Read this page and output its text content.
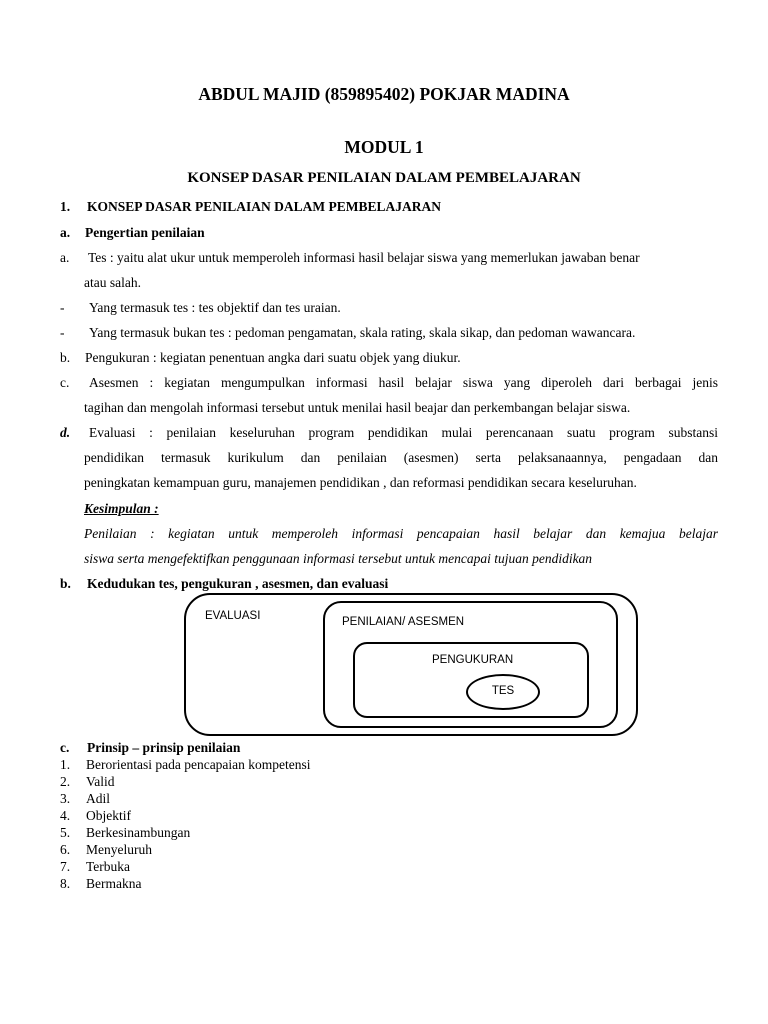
ABDUL MAJID (859895402) POKJAR MADINA
MODUL 1
KONSEP DASAR PENILAIAN DALAM PEMBELAJARAN
1. KONSEP DASAR PENILAIAN DALAM PEMBELAJARAN
a. Pengertian penilaian
a. Tes : yaitu alat ukur untuk memperoleh informasi hasil belajar siswa yang memerlukan jawaban benar
atau salah.
- Yang termasuk tes : tes objektif dan tes uraian.
- Yang termasuk bukan tes : pedoman pengamatan, skala rating, skala sikap, dan pedoman wawancara.
b. Pengukuran : kegiatan penentuan angka dari suatu objek yang diukur.
c. Asesmen : kegiatan mengumpulkan informasi hasil belajar siswa yang diperoleh dari berbagai jenis
tagihan dan mengolah informasi tersebut untuk menilai hasil beajar dan perkembangan belajar siswa.
d. Evaluasi : penilaian keseluruhan program pendidikan mulai perencanaan suatu program substansi
pendidikan termasuk kurikulum dan penilaian (asesmen) serta pelaksanaannya, pengadaan dan
peningkatan kemampuan guru, manajemen pendidikan , dan reformasi pendidikan secara keseluruhan.
Kesimpulan :
Penilaian : kegiatan untuk memperoleh informasi pencapaian hasil belajar dan kemajua belajar
siswa serta mengefektifkan penggunaan informasi tersebut untuk mencapai tujuan pendidikan
b. Kedudukan tes, pengukuran , asesmen, dan evaluasi
EVALUASI	PENILAIAN/ ASESMEN
PENGUKURAN
TES
c. Prinsip – prinsip penilaian
1. Berorientasi pada pencapaian kompetensi
2. Valid
3. Adil
4. Objektif
5. Berkesinambungan
6. Menyeluruh
7. Terbuka
8. Bermakna
